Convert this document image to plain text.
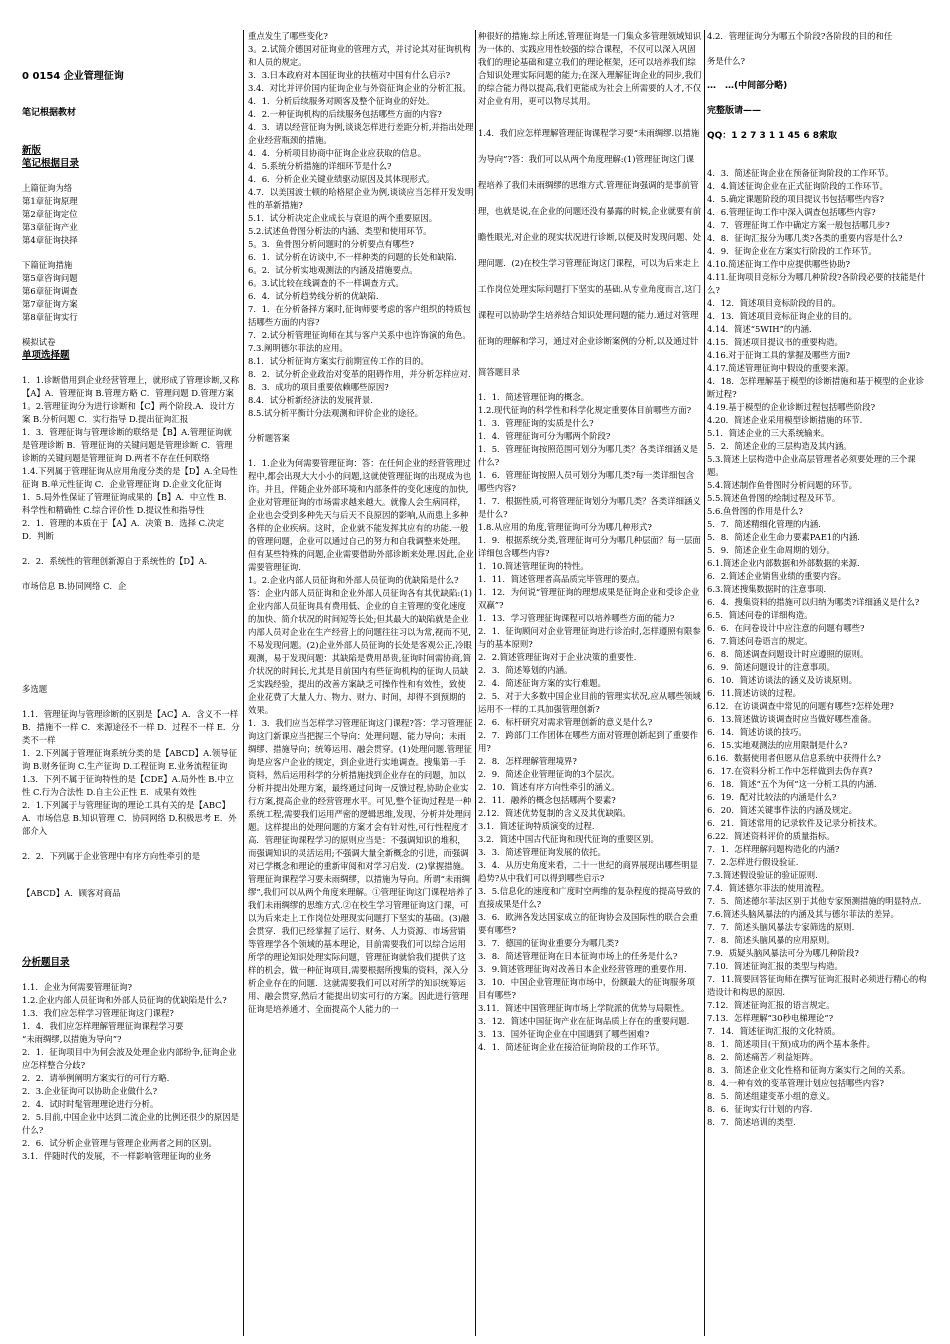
0 0154 企业管理征询
笔记根据教材
新版
笔记根据目录
上篇征询为络
第1章征询原理
第2章征询定位
第3章征询产业
第4章征询抉择
下篇征询措施
第5章咨询问题
第6章征询调查
第7章征询方案
第8章征询实行
模拟试卷
单项选择题
1．1.诊断借用到企业经营管理上，就形成了管理诊断,又称【A】A．管理征询 B.管理方略 C．管理问题 D.管理方案
1。2.管理征询分为进行诊断和【C】两个阶段.A．设计方案 B.分析问题 C．实行指导 D.提出征询汇报
1．3．管理征询与管理诊断的联络是【B】A.管理征询就是管理诊断 B．管理征询的关键问题是管理诊断 C．管理诊断的关键问题是管理征询 D.两者不存在任何联络
1.4.下列属于管理征询从应用角度分类的是【D】A.全局性征询 B.单元性征询 C．企业管理征询 D.企业文化征询
1．5.局外性保证了管理征询成果的【B】A．中立性 B．科学性和精确性 C.综合评价性 D.提议性和指导性
2．1．管理的本质在于【A】A．决策 B．选择 C.决定 D．判断
2．2．系统性的管理创新源自于系统性的【D】A.
市场信息 B.协同网络 C．企
多选题
1.1．管理征询与管理诊断的区别是【AC】A．含义不一样 B．措施不一样 C．来源途径不一样 D．过程不一样 E．分类不一样
1．2.下列属于管理征询系统分类的是【ABCD】A.领导征询 B.财务征询 C.生产征询 D.工程征询 E.业务流程征询
1.3．下列不属于征询特性的是【CDE】A.局外性 B.中立性 C.行为合法性 D.自主公正性 E．成果有效性
2．1.下列属于与管理征询的理论工具有关的是【ABC】A．市场信息 B.知识管理 C．协同网络 D.积极思考 E．外部介入
2．2．下列属于企业管理中有序方向性牵引的是
【ABCD】A．顾客对商品
分析题目录
1.1．企业为何需要管理征询?
1.2.企业内部人员征询和外部人员征询的优缺陷是什么?
1.3．我们应怎样学习管理征询这门课程?
1．4．我们应怎样理解管理征询课程学习要
“未雨绸缪,以措施为导向”?
2．1．征询项目中为何会波及处理企业内部纷争,征询企业应怎样整合分歧?
2．2．请举例阐明方案实行的可行方略.
2．3.企业征询可以协助企业做什么?
2．4．试时时髦管理理论进行分析。
2．5.目前,中国企业中达到二流企业的比例还很少的原因是什么?
2．6．试分析企业管理与管理企业两者之间的区别。
3.1．伴随时代的发展，不一样影响管理征询的业务
重点发生了哪些变化?
3。2.试简介德国对征询业的管理方式，并讨论其对征询机构和人员的规定。
3．3.日本政府对本国征询业的扶植对中国有什么启示?
3.4．对比并评价国内征询企业与外资征询企业的分析汇报。
4．1．分析后续服务对顾客及整个征询业的好处。
4．2.一种征询机构的后续服务包括哪些方面的内容?
4．3．请以经营征询为例,谈谈怎样进行差距分析,并指出处理企业经营瓶颈的措施。
4．4．分析项目协商中征询企业应获取的信息。
4．5.系统分析措施的详细环节是什么?
4．6．分析企业关键业绩驱动原因及其体现形式。
4.7．以美国波士顿的哈格屋企业为例,谈谈应当怎样开发发明性的革新措施?
5.1．试分析决定企业成长与衰退的两个重要原因。
5.2.试述鱼骨图分析法的内涵、类型和使用环节。
5。3．鱼骨图分析问题时的分析要点有哪些?
6．1．试分析在访谈中,不一样种类的问题的长处和缺陷.
6。2．试分析实地观测法的内涵及措施要点。
6。3.试比较在线调查的不一样调查方式。
6．4．试分析趋势线分析的优缺陷.
7．1．在分析备择方案时,征询师要考虑的客户组织的特质包括哪些方面的内容?
7．2.试分析管理征询师在其与客户关系中也许饰演的角色。
7.3.阐明德尔菲法的应用。
8.1．试分析征询方案实行前期宣传工作的目的。
8．2．试分析企业政治对变革的阻碍作用，并分析怎样应对.
8．3．成功的项目重要依赖哪些原因?
8.4．试分析新经济法的发展背景.
8.5.试分析平衡计分法观测和评价企业的途径。
分析题答案
1．1.企业为何需要管理征询：答：在任何企业的经营管理过程中,都会出现大大小小的问题,这就使管理征询的出现成为也许。并且，伴随企业外部环境和内部条件的变化速度的加快,企业对管理征询的市场需求越来越大。就像人会生病同样，企业也会受到多种先天与后天不良原因的影响,从而患上多种各样的企业疾病。这时，企业就不能发挥其应有的功能.一般的管理问题，企业可以通过自己的努力和自我调整来处理。但有某些特殊的问题,企业需要借助外部诊断来处理.因此,企业需要管理征询.
1。2.企业内部人员征询和外部人员征询的优缺陷是什么?答：企业内部人员征询和企业外部人员征询各有其优缺陷:(1)企业内部人员征询具有费用低、企业的自主管理的变化速度的加快、简介状况的时间短等长处;但其最大的缺陷就是企业内部人员对企业在生产经营上的问题往往习以为常,视而不见,不易发现问题。(2)企业外部人员征询的长处是客观公正,冷眼观测，易于发现问题：其缺陷是费用昂贵,征询时间需协商,简介状况的时间长,尤其是目前国内有些征询机构的征询人员缺乏实践经验，提出的改善方案缺乏可操作性和有效性，致使企业花费了大量人力、物力、财力、时间，却得不到预期的效果。
1．3．我们应当怎样学习管理征询这门课程?答：学习管理征询这门新课应当把握三个导向：处理问题、能力导向；未雨绸缪、措施导向；统筹运用、融会贯穿。(1)处理问题.管理征询是应客户企业的规定，到企业进行实地调查。搜集第一手资料，然后运用科学的分析措施找到企业存在的问题，加以分析并提出处理方案，最终通过问询一反馈过程,协助企业实行方案,提高企业的经营管理水平。可见,整个征询过程是一种系统工程,需要我们运用严密的逻辑思维,发现、分析并处理问题。这样提出的处理问题的方案才会有针对性,可行性程度才高．管理征询课程学习的原则应当是：不强调知识的堆积，而强调知识的灵活运用;不强调大量全新概念的引进，而强调对已学概念和理论的重新审阅和对学习启发．(2)掌握措施。管理征询课程学习要未雨绸缪，以措施为导向。所谓“未雨绸缪”,我们可以从两个角度来理解。①管理征询这门课程培养了我们未雨绸缪的思维方式.②在校生学习管理征询这门课，可以为后来走上工作岗位处理现实问题打下坚实的基础。(3)融会贯穿．我们已经掌握了运行、财务、人力资源、市场营销等管理学各个领域的基本理论，目前需要我们可以综合运用所学的理论知识处理实际问题，管理征询就恰我们提供了这样的机会，做一种征询项目,需要根据所搜集的资料，深入分析企业存在的问题．这就需要我们可以对所学的知识统筹运用、融会贯穿,然后才能提出切实可行的方案。因此进行管理征询是培养通才、全面提高个人能力的一
种很好的措施.综上所述,管理征询是一门集众多管理领域知识为一体的、实践应用性较强的综合课程，不仅可以深入巩固我们的理论基础和建立我们的理论框架，还可以培养我们综合知识处理实际问题的能力;在深入理解征询企业的同步,我们的综合能力得以提高,我们更能成为社会上所需要的人才,不仅对企业有用，更可以物尽其用。
1.4．我们应怎样理解管理征询课程学习要“未雨绸缪.以措施为导向”?答：我们可以从两个角度理解:(1)管理征询这门课程培养了我们未雨绸缪的思维方式.管理征询强调的是事前管理，也就是说,在企业的问题还没有暴露的时候,企业就要有前瞻性眼光,对企业的现实状况进行诊断,以便及时发现问题、处理问题．(2)在校生学习管理征询这门课程，可以为后来走上工作岗位处理实际问题打下坚实的基础.从专业角度而言,这门课程可以协助学生培养结合知识处理问题的能力.通过对管理征询的理解和学习，通过对企业诊断案例的分析,以及通过针
简答题目录
1．1．简述管理征询的概念。
1.2.现代征询的科学性和科学化规定重要体目前哪些方面?
1．3．管理征询的实质是什么?
1．4．管理征询可分为哪两个阶段?
1．5．管理征询按照范围可划分为哪几类？各类详细涵义是什么?
1．6．管理征询按照人员可划分为哪几类?每一类详细包含哪些内容?
1．7．根据性质,可将管理征询划分为哪几类？各类详细涵义是什么?
1.8.从应用的角度,管理征询可分为哪几种形式?
1．9．根据系统分类,管理征询可分为哪几种层面？每一层面详细包含哪些内容?
1．10.简述管理征询的特性。
1．11．简述管理者高品质完毕管理的要点。
1．12．为何说“管理征询的理想成果是征询企业和受诊企业双赢”?
1．13．学习管理征询课程可以培养哪些方面的能力?
2．1．征询顾问对企业管理征询进行诊治时,怎样遵照有限参与的基本原则?
2．2.简述管理征询对于企业决策的重要性.
2．3．简述筹划的内涵。
2．4．简述征询方案的实行难题。
2．5．对于大多数中国企业目前的管理实状况,应从哪些领域运用不一样的工具加强管理创新?
2．6．标杆研究对需求管理创新的意义是什么?
2．7．跨部门工作团体在哪些方面对管理创新起到了重要作用?
2．8．怎样理解管理境界?
2．9．简述企业管理征询的3个层次。
2．10．简述有序方向性牵引的涵义。
2．11．融养的概念包括哪两个要素?
2.12．简述优势复制的含义及其优缺陷。
3.1．简述征询特质演变的过程.
3.2．简述中国古代征询和现代征询的重要区别。
3．3．简述管理征询发展的依托。
3．4．从历史角度来看，二十一世纪的商界展现出哪些明显趋势?从中我们可以得到哪些启示?
3．5.信息化的速度和广度时空两维的复杂程度的提高导致的直接成果是什么?
3．6．欧洲各发达国家成立的征询协会及国际性的联合会重要有哪些?
3．7．德国的征询业重要分为哪几类?
3．8．简述管理征询在日本征询市场上的任务是什么?
3．9.简述管理征询对改善日本企业经营管理的重要作用.
3．10．中国企业管理征询市场中，份额最大的征询服务项目有哪些?
3.11．简述中国管理征询市场上学院派的优势与局限性。
3．12．简述中国征询产业在征询品质上存在的重要问题.
3．13．国外征询企业在中国遇到了哪些困难?
4．1．简述征询企业在接洽征询阶段的工作环节。
4.2．管理征询分为哪五个阶段?各阶段的目的和任
务是什么?
…　…(中间部分略)
完整版请——
QQ：1 2 7 3 1 1 45 6 8索取
4．3．简述征询企业在预备征询阶段的工作环节。
4．4.简述征询企业在正式征询阶段的工作环节。
4．5.确定课题阶段的项目提议书包括哪些内容?
4．6.管理征询工作中深入调查包括哪些内容?
4．7．管理征询工作中确定方案一般包括哪几步?
4．8．征询汇报分为哪几类?各类的重要内容是什么?
4．9．征询企业在方案实行阶段的工作环节。
4.10.简述征询工作中应提供哪些协助?
4.11.征询项目竞标分为哪几种阶段?各阶段必要的技能是什么?
4．12．简述项目竞标阶段的目的。
4．13．简述项目竞标征询企业的目的。
4.14．简述“5WIH”的内涵.
4.15．简述项目提议书的重要构造。
4.16.对于征询工具的掌握及哪些方面?
4.17.简述管理征询中假设的重要来源。
4．18．怎样理解基于模型的诊断措施和基于模型的企业诊断过程?
4.19.基于模型的企业诊断过程包括哪些阶段?
4.20．简述企业采用模型诊断措施的环节.
5.1．简述企业的三大系统输来。
5．2．简述企业的三层构造及其内涵。
5.3.简述上层构造中企业高层管理者必须要处理的三个课题。
5.4.简述制作鱼骨图时分析问题的环节。
5.5.简述鱼骨图的绘制过程及环节。
5.6.鱼骨图的作用是什么?
5．7．简述精细化管理的内涵.
5．8．简述企业生命力要素PAE1的内涵.
5．9．简述企业生命周期的划分。
6.1.简述企业内部数据和外部数据的来源.
6．2.简述企业销售业绩的重要内容。
6.3.简述搜集数据时的注意事项.
6．4．搜集资料的措施可以归纳为哪类?详细涵义是什么?
6.5．简述问卷的详细构造。
6．6．在问卷设计中应注意的问题有哪些?
6．7.简述问卷语言的规定。
6．8．简述调查问题设计时应遵照的原则。
6．9．简述问题设计的注意事项。
6．10．简述访谈法的涵义及访谈原则。
6．11.简述访谈的过程。
6.12．在访谈调查中常见的问题有哪些?怎样处理?
6．13.简述做访谈调查时应当做好哪些准备。
6．14．简述访谈的技巧。
6．15.实地观测法的应用限制是什么?
6.16．数据使用者但愿从信息系统中获得什么?
6．17.在资料分析工作中怎样做到去伪存真?
6．18．简述“五个为何”这一分析工具的内涵.
6．19．配对比较法的内涵是什么?
6．20．简述关键事件法的内涵及规定。
6．21．简述常用的记录软件及记录分析技术。
6.22．简述资料评价的质量指标。
7．1．怎样理解问题构造化的内涵?
7．2.怎样进行假设验证.
7.3.简述假设验证的验证原则.
7.4．简述德尔菲法的使用流程。
7．5．简述德尔菲法区别于其他专家预测措施的明显特点.
7.6.简述头脑风暴法的内涵及其与德尔菲法的差异。
7．7．简述头脑风暴法专家筛选的原则.
7．8．简述头脑风暴的应用原则。
7.9．质疑头脑风暴法可分为哪几种阶段?
7.10．简述征询汇报的类型与构造。
7．11.简要回答征询师在撰写征询汇报时必须进行精心的构造设计和构思的原因.
7.12．简述征询汇报的语言规定。
7.13．怎样理解“30秒电梯理论”?
7．14．简述征询汇报的文化特质。
8．1．简述项目(干预)成功的两个基本条件。
8．2．简述痛苦／利益矩阵。
8．3．简述企业文化性格和征询方案实行之间的关系。
8．4.一种有效的变革管理计划应包括哪些内容?
8．5．简述组建变革小组的意义。
8．6．征询实行计划的内容.
8．7．简述培训的类型.
